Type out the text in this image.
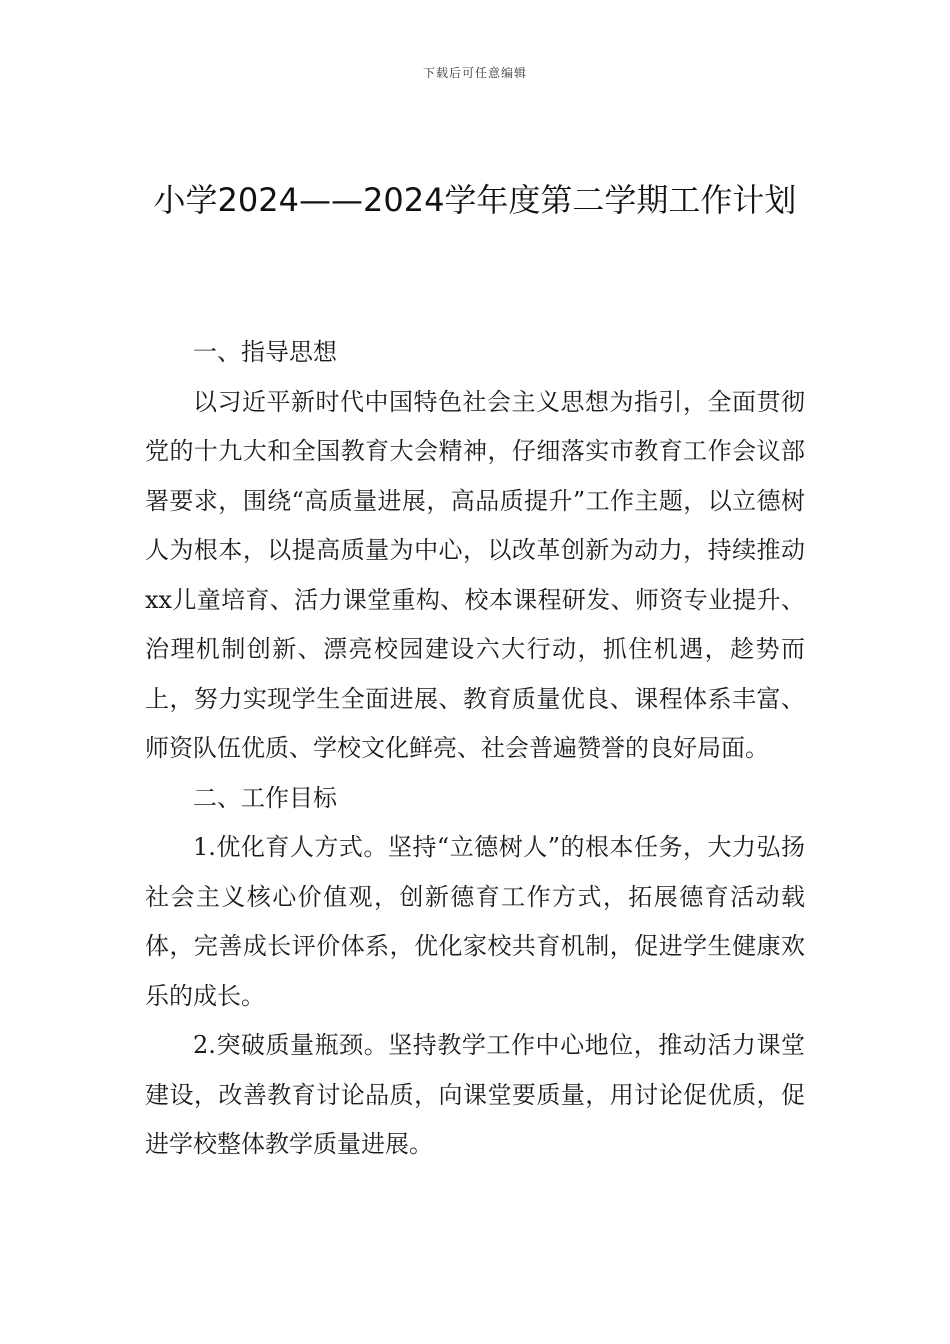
下载后可任意编辑
小学2024——2024学年度第二学期工作计划

一、指导思想

以习近平新时代中国特色社会主义思想为指引，全面贯彻党的十九大和全国教育大会精神，仔细落实市教育工作会议部署要求，围绕“高质量进展，高品质提升”工作主题，以立德树人为根本，以提高质量为中心，以改革创新为动力，持续推动xx儿童培育、活力课堂重构、校本课程研发、师资专业提升、治理机制创新、漂亮校园建设六大行动，抓住机遇，趁势而上，努力实现学生全面进展、教育质量优良、课程体系丰富、师资队伍优质、学校文化鲜亮、社会普遍赞誉的良好局面。

二、工作目标

1.优化育人方式。坚持“立德树人”的根本任务，大力弘扬社会主义核心价值观，创新德育工作方式，拓展德育活动载体，完善成长评价体系，优化家校共育机制，促进学生健康欢乐的成长。

2.突破质量瓶颈。坚持教学工作中心地位，推动活力课堂建设，改善教育讨论品质，向课堂要质量，用讨论促优质，促进学校整体教学质量进展。
